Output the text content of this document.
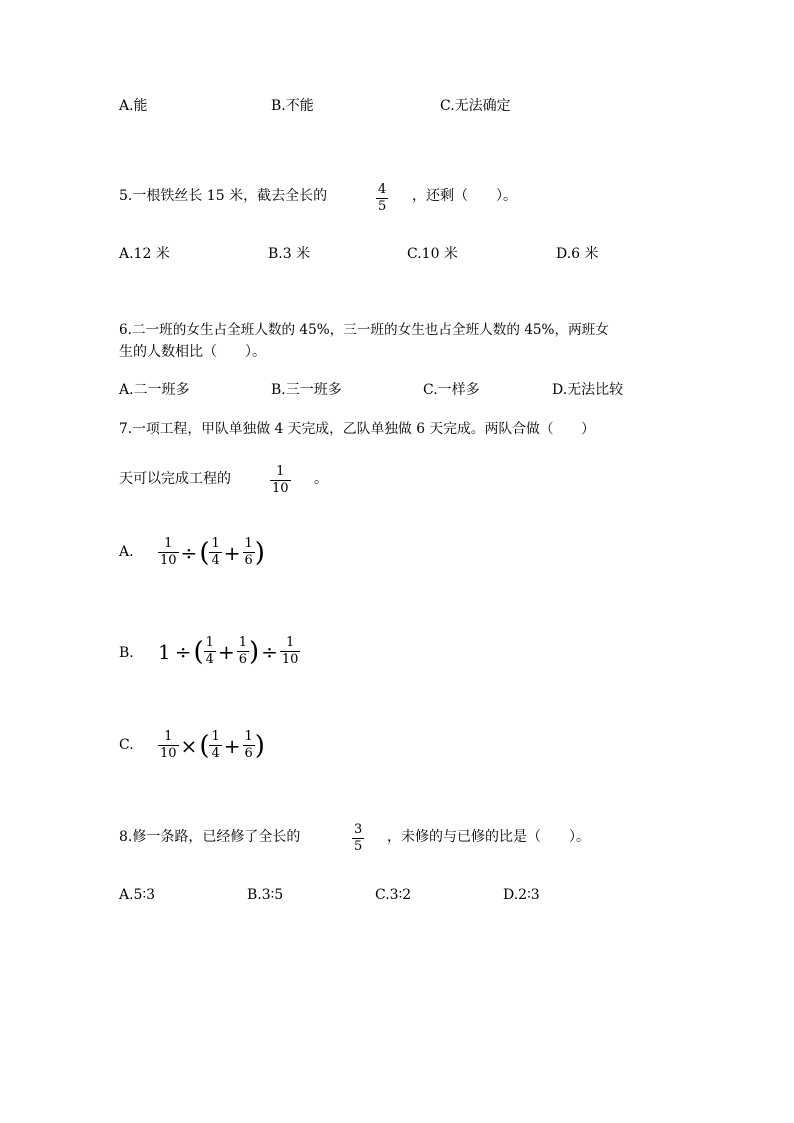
A.能	B.不能	C.无法确定
5.一根铁丝长 15 米，截去全长的	4
5
，还剩（　　）。
A.12 米	B.3 米	C.10 米	D.6 米
6.二一班的女生占全班人数的 45%，三一班的女生也占全班人数的 45%，两班女
生的人数相比（　　）。
A.二一班多	B.三一班多	C.一样多	D.无法比较
7.一项工程，甲队单独做 4 天完成，乙队单独做 6 天完成。两队合做（　　）
天可以完成工程的	1
10
。
A. $\frac{1}{10}$ ÷ ( $\frac{1}{4} + \frac{1}{6}$ )
B. 1 ÷ ( $\frac{1}{4} + \frac{1}{6}$ ) ÷ $\frac{1}{10}$
C. $\frac{1}{10}$ × ( $\frac{1}{4} + \frac{1}{6}$ )
8.修一条路，已经修了全长的	3
5
，未修的与已修的比是（　　）。
A.5∶3	B.3∶5	C.3∶2	D.2∶3
